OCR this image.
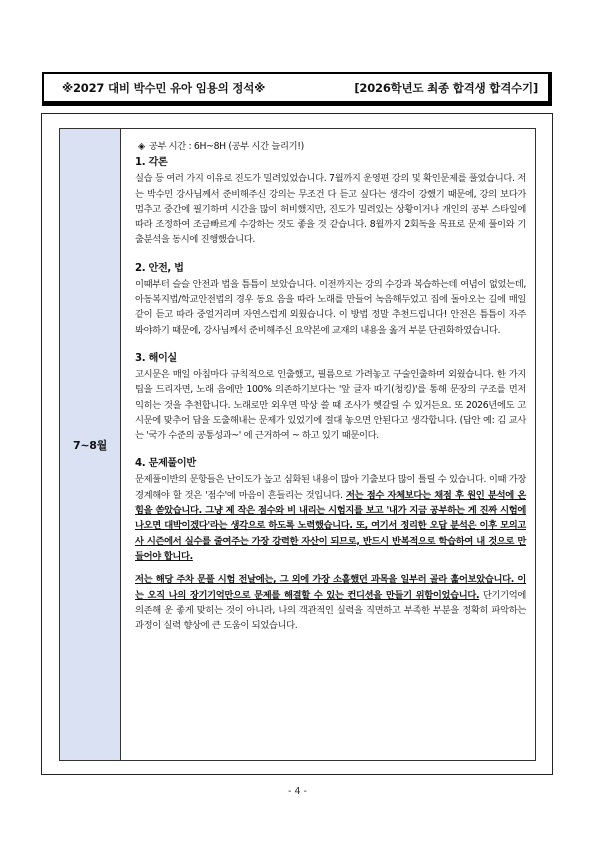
※2027 대비 박수민 유아 임용의 정석※	[2026학년도 최종 합격생 합격수기]
7~8월
◈ 공부 시간 : 6H~8H (공부 시간 늘리기!)
1. 각론
실습 등 여러 가지 이유로 진도가 밀려있었습니다. 7월까지 운영편 강의 및 확인문제를 풀었습니다. 저는 박수민 강사님께서 준비해주신 강의는 무조건 다 듣고 싶다는 생각이 강했기 때문에, 강의 보다가 멈추고 중간에 필기하며 시간을 많이 허비했지만, 진도가 밀려있는 상황이거나 개인의 공부 스타일에 따라 조정하여 조금빠르게 수강하는 것도 좋을 것 같습니다. 8월까지 2회독을 목표로 문제 풀이와 기출분석을 동시에 진행했습니다.
2. 안전, 법
이때부터 슬슬 안전과 법을 틈틈이 보았습니다. 이전까지는 강의 수강과 복습하는데 여념이 없었는데, 아동복지법/학교안전법의 경우 동요 음을 따라 노래를 만들어 녹음해두었고 집에 돌아오는 길에 매일같이 듣고 따라 중얼거리며 자연스럽게 외웠습니다. 이 방법 정말 추천드립니다! 안전은 틈틈이 자주 봐야하기 때문에, 강사님께서 준비해주신 요약본에 교재의 내용을 옮겨 부분 단권화하였습니다.
3. 해이실
고시문은 매일 아침마다 규칙적으로 인출했고, 필름으로 가려놓고 구술인출하며 외웠습니다. 한 가지 팁을 드리자면, 노래 음에만 100% 의존하기보다는 '앞 글자 따기(청킹)'를 통해 문장의 구조를 먼저 익히는 것을 추천합니다. 노래로만 외우면 막상 쓸 때 조사가 헷갈릴 수 있거든요. 또 2026년에도 고시문에 맞추어 답을 도출해내는 문제가 있었기에 절대 놓으면 안된다고 생각합니다. (답안 예: 김 교사는 '국가 수준의 공통성과~' 에 근거하여 ~ 하고 있기 때문이다.
4. 문제풀이반
문제풀이반의 문항들은 난이도가 높고 심화된 내용이 많아 기출보다 많이 틀릴 수 있습니다. 이때 가장 경계해야 할 것은 '점수'에 마음이 흔들리는 것입니다. 저는 점수 자체보다는 채점 후 원인 분석에 온 힘을 쏟았습니다. 그냥 제 작은 점수와 비 내리는 시험지를 보고 '내가 지금 공부하는 게 진짜 시험에 나오면 대박이겠다'라는 생각으로 하도록 노력했습니다. 또, 여기서 정리한 오답 분석은 이후 모의고사 시즌에서 실수를 줄여주는 가장 강력한 자산이 되므로, 반드시 반복적으로 학습하여 내 것으로 만들어야 합니다.
저는 해당 주차 문풀 시험 전날에는, 그 외에 가장 소홀했던 과목을 일부러 골라 훑어보았습니다. 이는 오직 나의 장기기억만으로 문제를 해결할 수 있는 컨디션을 만들기 위함이었습니다. 단기기억에 의존해 운 좋게 맞히는 것이 아니라, 나의 객관적인 실력을 직면하고 부족한 부분을 정확히 파악하는 과정이 실력 향상에 큰 도움이 되었습니다.
- 4 -
